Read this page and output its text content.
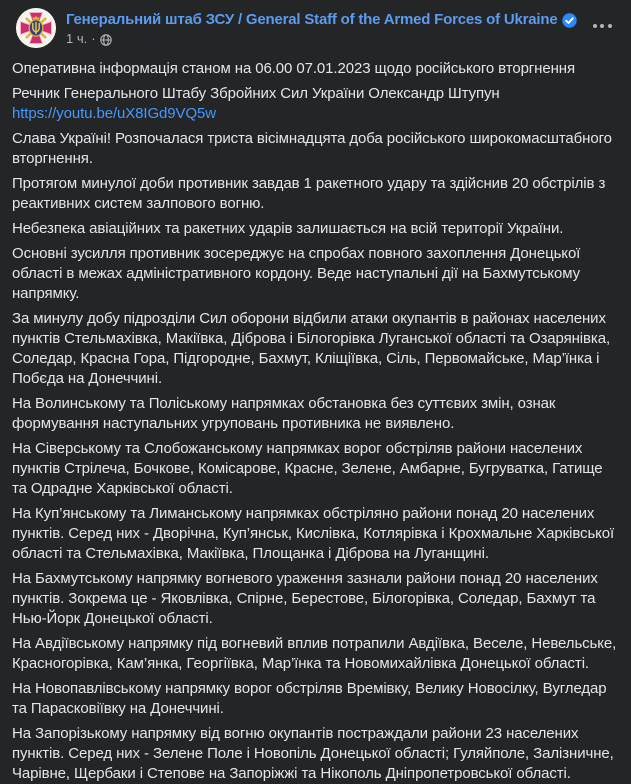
Генеральний штаб ЗСУ / General Staff of the Armed Forces of Ukraine
1 ч. ·

Оперативна інформація станом на 06.00 07.01.2023 щодо російського вторгнення

Речник Генерального Штабу Збройних Сил України Олександр Штупун
https://youtu.be/uX8IGd9VQ5w

Слава Україні! Розпочалася триста вісімнадцята доба російського широкомасштабного вторгнення.

Протягом минулої доби противник завдав 1 ракетного удару та здійснив 20 обстрілів з реактивних систем залпового вогню.

Небезпека авіаційних та ракетних ударів залишається на всій території України.

Основні зусилля противник зосереджує на спробах повного захоплення Донецької області в межах адміністративного кордону. Веде наступальні дії на Бахмутському напрямку.

За минулу добу підрозділи Сил оборони відбили атаки окупантів в районах населених пунктів Стельмахівка, Макіївка, Діброва і Білогорівка Луганської області та Озарянівка, Соледар, Красна Гора, Підгородне, Бахмут, Кліщіївка, Сіль, Первомайське, Мар’їнка і Побєда на Донеччині.

На Волинському та Поліському напрямках обстановка без суттєвих змін, ознак формування наступальних угруповань противника не виявлено.

На Сіверському та Слобожанському напрямках ворог обстріляв райони населених пунктів Стрілеча, Бочкове, Комісарове, Красне, Зелене, Амбарне, Бугруватка, Гатище та Одрадне Харківської області.

На Куп’янському та Лиманському напрямках обстріляно райони понад 20 населених пунктів. Серед них - Дворічна, Куп’янськ, Кислівка, Котлярівка і Крохмальне Харківської області та Стельмахівка, Макіївка, Площанка і Діброва на Луганщині.

На Бахмутському напрямку вогневого ураження зазнали райони понад 20 населених пунктів. Зокрема це - Яковлівка, Спірне, Берестове, Білогорівка, Соледар, Бахмут та Нью-Йорк Донецької області.

На Авдіївському напрямку під вогневий вплив потрапили Авдіївка, Веселе, Невельське, Красногорівка, Кам’янка, Георгіївка, Мар’їнка та Новомихайлівка Донецької області.

На Новопавлівському напрямку ворог обстріляв Времівку, Велику Новосілку, Вугледар та Парасковіївку на Донеччині.

На Запорізькому напрямку від вогню окупантів постраждали райони 23 населених пунктів. Серед них - Зелене Поле і Новопіль Донецької області; Гуляйполе, Залізничне, Чарівне, Щербаки і Степове на Запоріжжі та Нікополь Дніпропетровської області.
